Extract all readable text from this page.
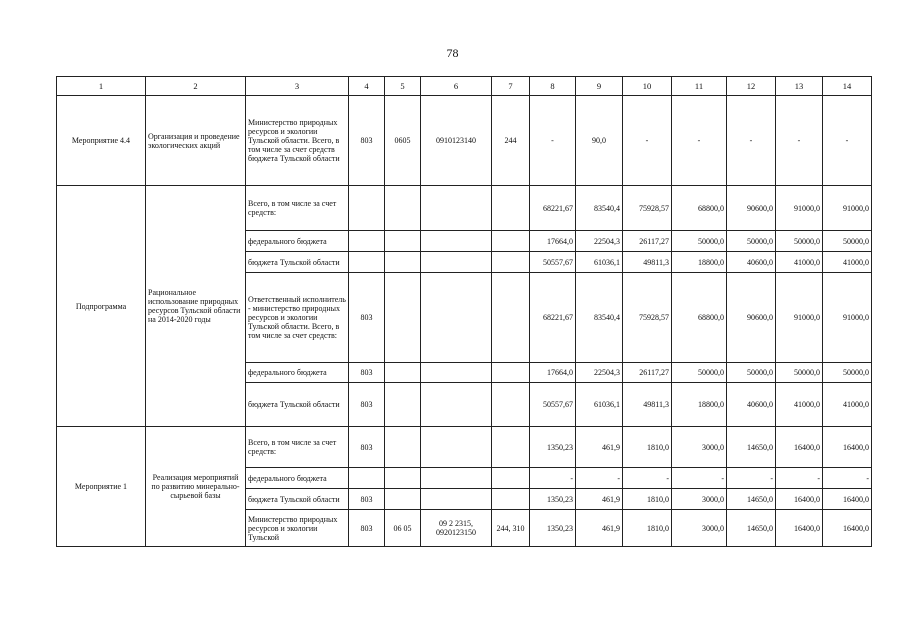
78
1	2	3	4	5	6	7	8	9	10	11	12	13	14
Мероприятие 4.4	Организация и проведение экологических акций	Министерство природных ресурсов и экологии Тульской области. Всего, в том числе за счет средств бюджета Тульской области	803	0605	0910123140	244	-	90,0	-	-	-	-	-
Подпрограмма	Рациональное использование природных ресурсов Тульской области на 2014-2020 годы	Всего, в том числе за счет средств:					68221,67	83540,4	75928,57	68800,0	90600,0	91000,0	91000,0
		федерального бюджета					17664,0	22504,3	26117,27	50000,0	50000,0	50000,0	50000,0
		бюджета Тульской области					50557,67	61036,1	49811,3	18800,0	40600,0	41000,0	41000,0
		Ответственный исполнитель - министерство природных ресурсов и экологии Тульской области. Всего, в том числе за счет средств:	803				68221,67	83540,4	75928,57	68800,0	90600,0	91000,0	91000,0
		федерального бюджета	803				17664,0	22504,3	26117,27	50000,0	50000,0	50000,0	50000,0
		бюджета Тульской области	803				50557,67	61036,1	49811,3	18800,0	40600,0	41000,0	41000,0
Мероприятие 1	Реализация мероприятий по развитию минерально-сырьевой базы	Всего, в том числе за счет средств:	803				1350,23	461,9	1810,0	3000,0	14650,0	16400,0	16400,0
		федерального бюджета					-	-	-	-	-	-	-
		бюджета Тульской области	803				1350,23	461,9	1810,0	3000,0	14650,0	16400,0	16400,0
		Министерство природных ресурсов и экологии Тульской	803	06 05	09 2 2315, 0920123150	244, 310	1350,23	461,9	1810,0	3000,0	14650,0	16400,0	16400,0
